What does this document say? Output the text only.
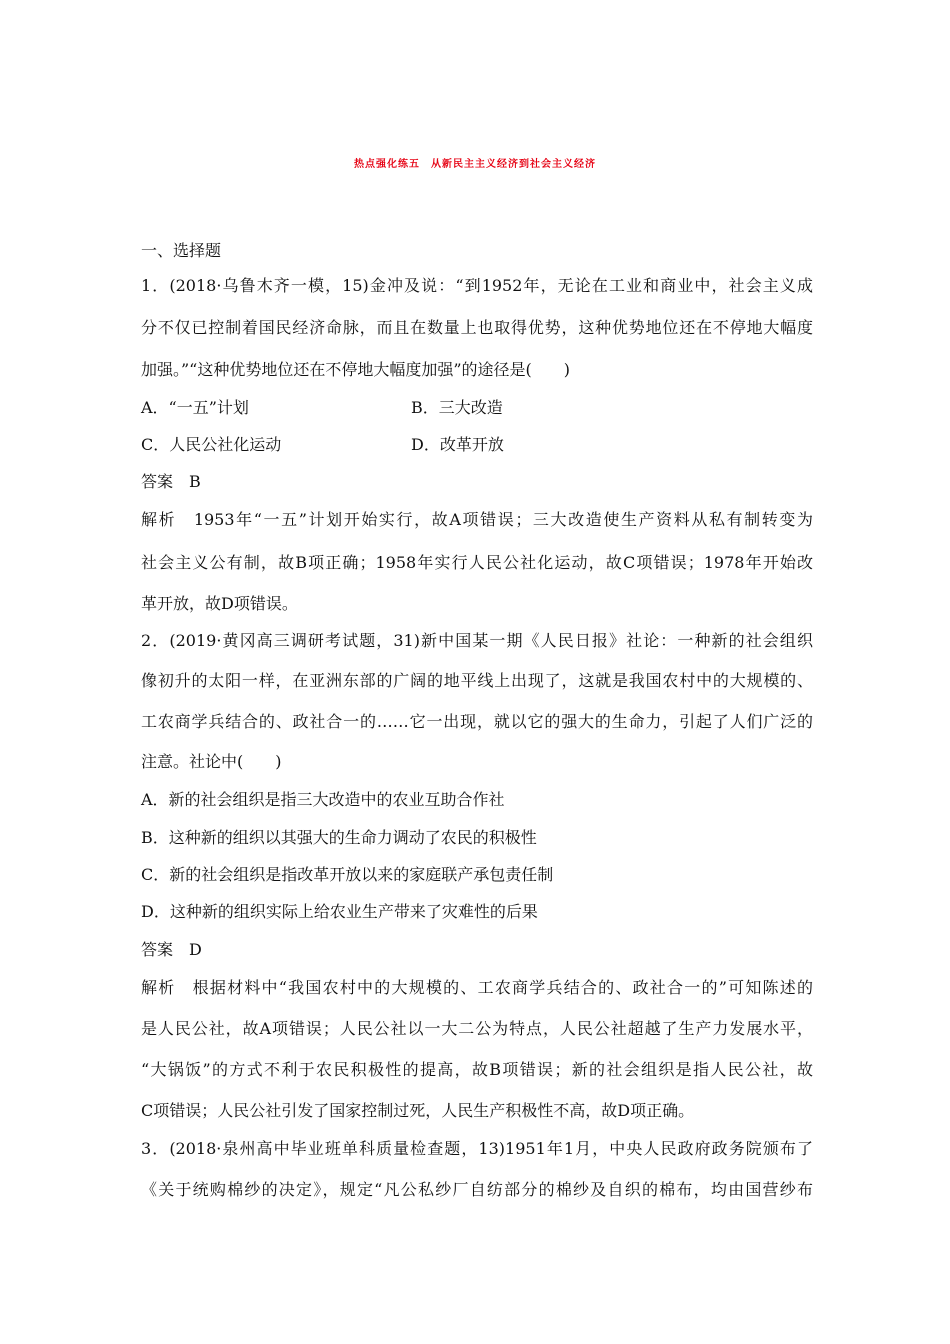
热点强化练五　从新民主主义经济到社会主义经济
一、选择题
1．(2018·乌鲁木齐一模，15)金冲及说：“到1952年，无论在工业和商业中，社会主义成
分不仅已控制着国民经济命脉，而且在数量上也取得优势，这种优势地位还在不停地大幅度
加强。”“这种优势地位还在不停地大幅度加强”的途径是(　　)
A．“一五”计划	B．三大改造
C．人民公社化运动	D．改革开放
答案　B
解析　1953年“一五”计划开始实行，故A项错误；三大改造使生产资料从私有制转变为
社会主义公有制，故B项正确；1958年实行人民公社化运动，故C项错误；1978年开始改
革开放，故D项错误。
2．(2019·黄冈高三调研考试题，31)新中国某一期《人民日报》社论：一种新的社会组织
像初升的太阳一样，在亚洲东部的广阔的地平线上出现了，这就是我国农村中的大规模的、
工农商学兵结合的、政社合一的……它一出现，就以它的强大的生命力，引起了人们广泛的
注意。社论中(　　)
A．新的社会组织是指三大改造中的农业互助合作社
B．这种新的组织以其强大的生命力调动了农民的积极性
C．新的社会组织是指改革开放以来的家庭联产承包责任制
D．这种新的组织实际上给农业生产带来了灾难性的后果
答案　D
解析　根据材料中“我国农村中的大规模的、工农商学兵结合的、政社合一的”可知陈述的
是人民公社，故A项错误；人民公社以一大二公为特点，人民公社超越了生产力发展水平，
“大锅饭”的方式不利于农民积极性的提高，故B项错误；新的社会组织是指人民公社，故
C项错误；人民公社引发了国家控制过死，人民生产积极性不高，故D项正确。
3．(2018·泉州高中毕业班单科质量检查题，13)1951年1月，中央人民政府政务院颁布了
《关于统购棉纱的决定》，规定“凡公私纱厂自纺部分的棉纱及自织的棉布，均由国营纱布
